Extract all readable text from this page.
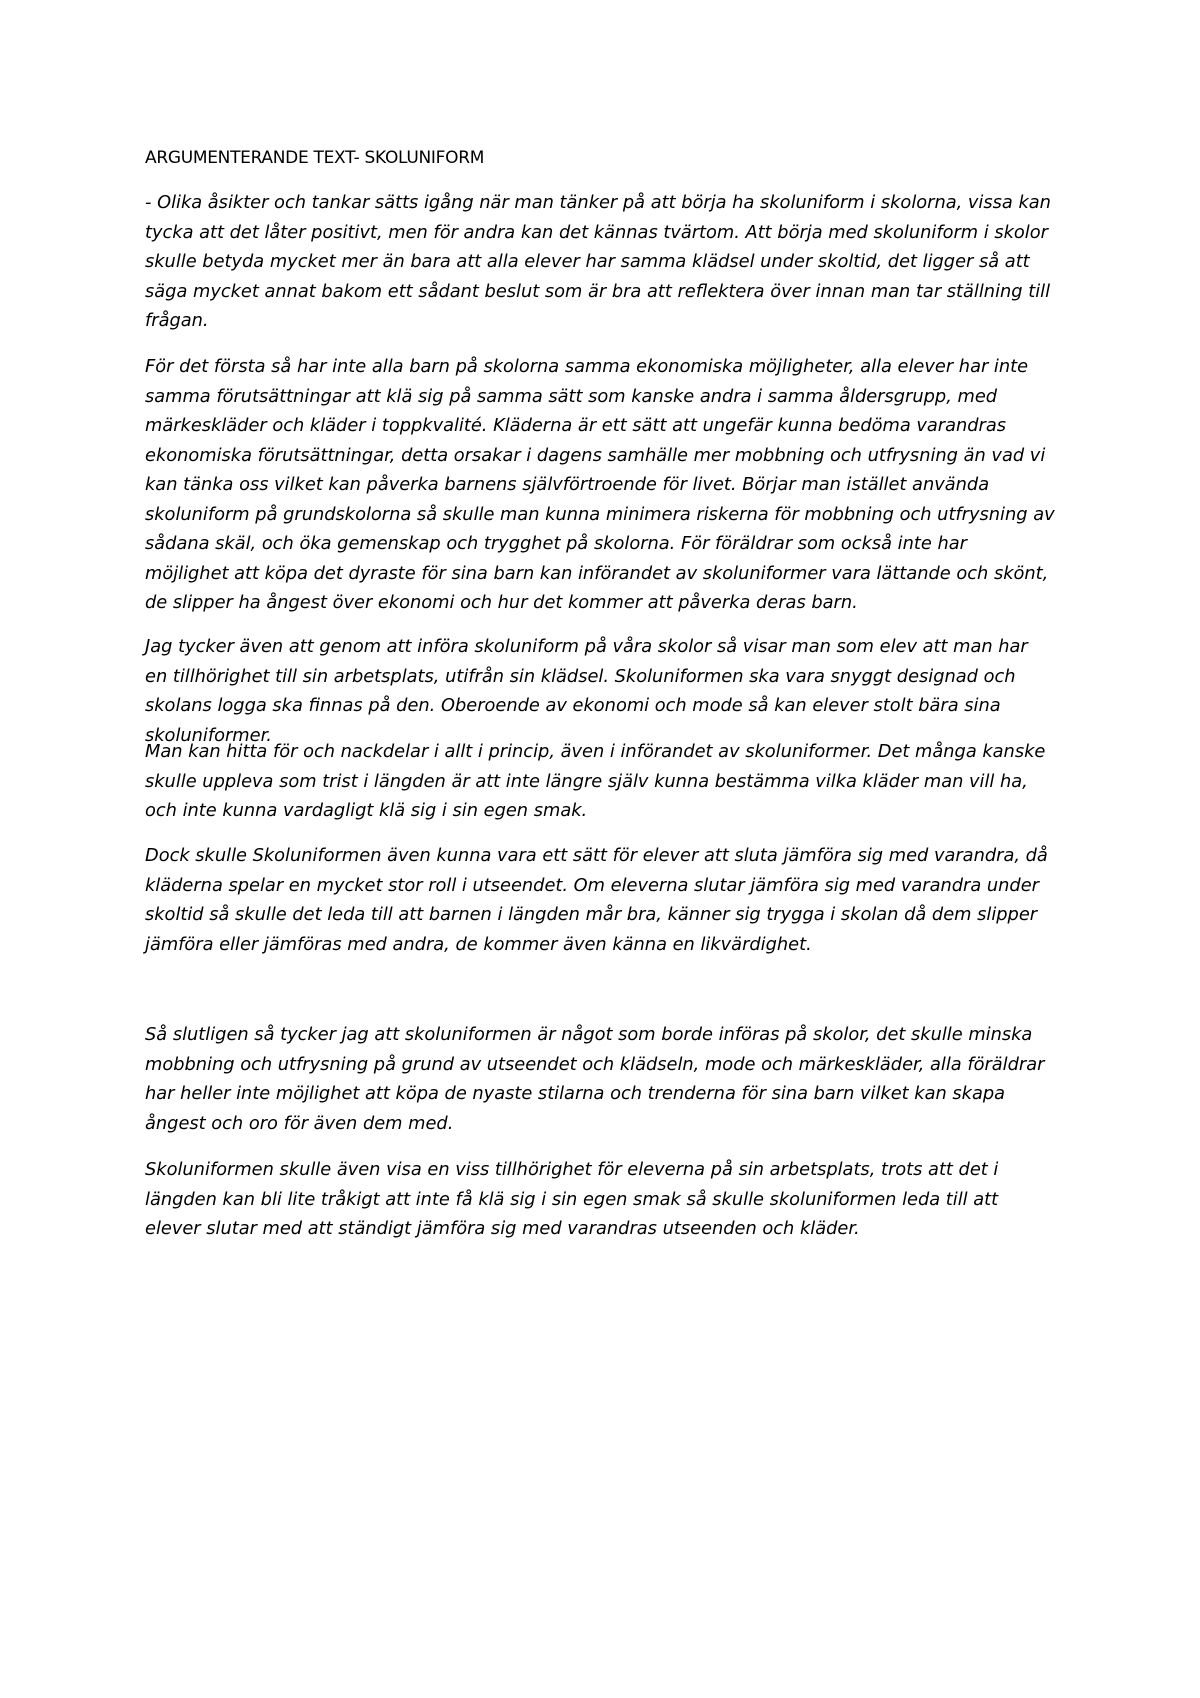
ARGUMENTERANDE TEXT- SKOLUNIFORM

- Olika åsikter och tankar sätts igång när man tänker på att börja ha skoluniform i skolorna, vissa kan tycka att det låter positivt, men för andra kan det kännas tvärtom. Att börja med skoluniform i skolor skulle betyda mycket mer än bara att alla elever har samma klädsel under skoltid, det ligger så att säga mycket annat bakom ett sådant beslut som är bra att reflektera över innan man tar ställning till frågan.

För det första så har inte alla barn på skolorna samma ekonomiska möjligheter, alla elever har inte samma förutsättningar att klä sig på samma sätt som kanske andra i samma åldersgrupp, med märkeskläder och kläder i toppkvalité. Kläderna är ett sätt att ungefär kunna bedöma varandras ekonomiska förutsättningar, detta orsakar i dagens samhälle mer mobbning och utfrysning än vad vi kan tänka oss vilket kan påverka barnens självförtroende för livet. Börjar man istället använda skoluniform på grundskolorna så skulle man kunna minimera riskerna för mobbning och utfrysning av sådana skäl, och öka gemenskap och trygghet på skolorna. För föräldrar som också inte har möjlighet att köpa det dyraste för sina barn kan införandet av skoluniformer vara lättande och skönt, de slipper ha ångest över ekonomi och hur det kommer att påverka deras barn.

Jag tycker även att genom att införa skoluniform på våra skolor så visar man som elev att man har en tillhörighet till sin arbetsplats, utifrån sin klädsel. Skoluniformen ska vara snyggt designad och skolans logga ska finnas på den. Oberoende av ekonomi och mode så kan elever stolt bära sina skoluniformer.

Man kan hitta för och nackdelar i allt i princip, även i införandet av skoluniformer. Det många kanske skulle uppleva som trist i längden är att inte längre själv kunna bestämma vilka kläder man vill ha, och inte kunna vardagligt klä sig i sin egen smak.

Dock skulle Skoluniformen även kunna vara ett sätt för elever att sluta jämföra sig med varandra, då kläderna spelar en mycket stor roll i utseendet. Om eleverna slutar jämföra sig med varandra under skoltid så skulle det leda till att barnen i längden mår bra, känner sig trygga i skolan då dem slipper jämföra eller jämföras med andra, de kommer även känna en likvärdighet.

Så slutligen så tycker jag att skoluniformen är något som borde införas på skolor, det skulle minska mobbning och utfrysning på grund av utseendet och klädseln, mode och märkeskläder, alla föräldrar har heller inte möjlighet att köpa de nyaste stilarna och trenderna för sina barn vilket kan skapa ångest och oro för även dem med.

Skoluniformen skulle även visa en viss tillhörighet för eleverna på sin arbetsplats, trots att det i längden kan bli lite tråkigt att inte få klä sig i sin egen smak så skulle skoluniformen leda till att elever slutar med att ständigt jämföra sig med varandras utseenden och kläder.
